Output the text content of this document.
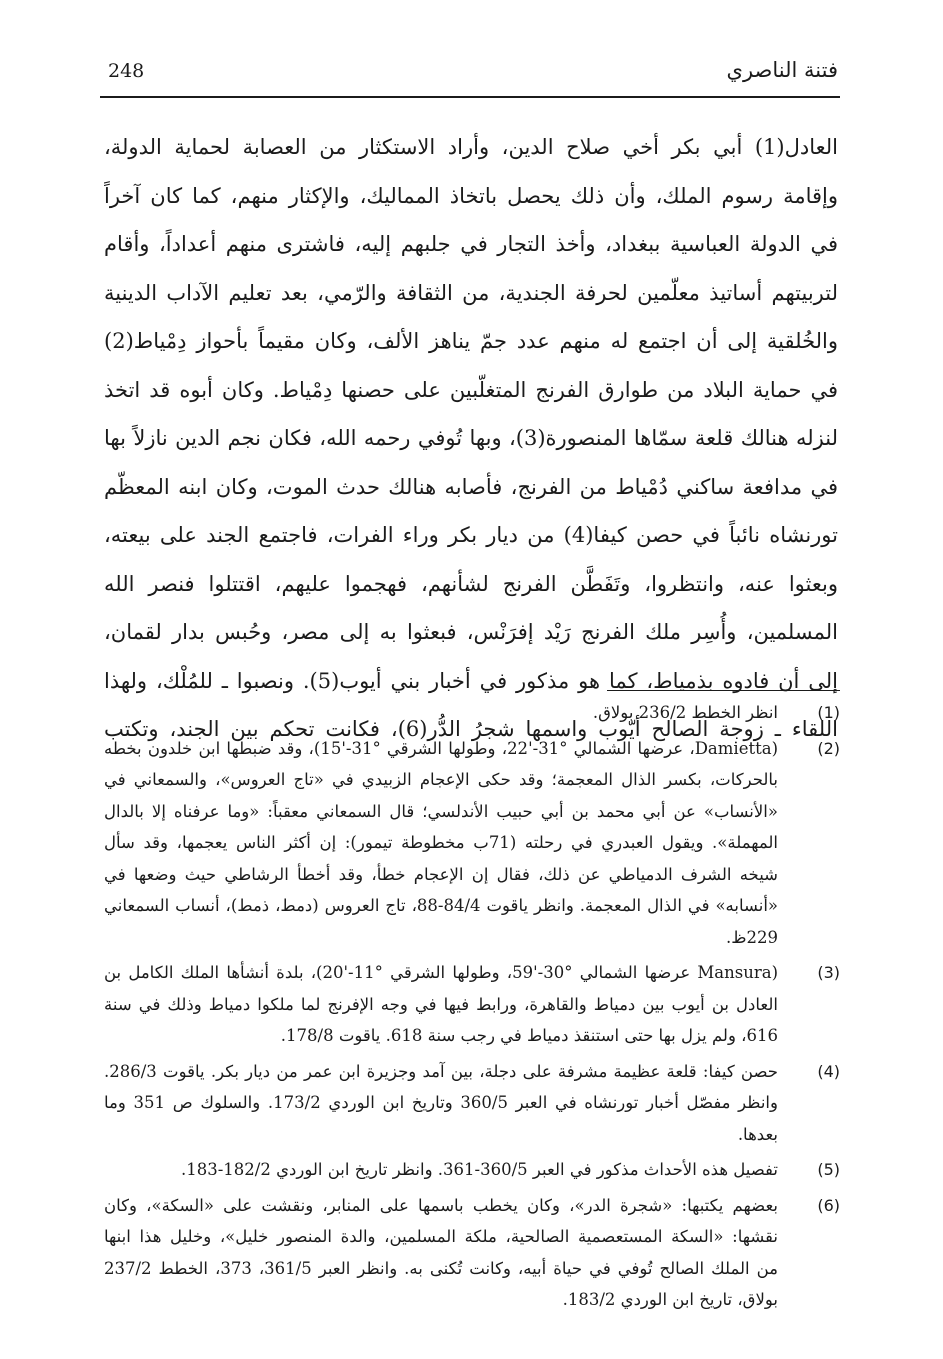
248	فتنة الناصري
العادل(1) أبي بكر أخي صلاح الدين، وأراد الاستكثار من العصابة لحماية الدولة،
وإقامة رسوم الملك، وأن ذلك يحصل باتخاذ المماليك، والإكثار منهم، كما كان آخراً
في الدولة العباسية ببغداد، وأخذ التجار في جلبهم إليه، فاشترى منهم أعداداً، وأقام
لتربيتهم أساتيذ معلّمين لحرفة الجندية، من الثقافة والرّمي، بعد تعليم الآداب الدينية
والخُلقية إلى أن اجتمع له منهم عدد جمّ يناهز الألف، وكان مقيماً بأحواز دِمْياط(2)
في حماية البلاد من طوارق الفرنج المتغلّبين على حصنها دِمْياط. وكان أبوه قد اتخذ
لنزله هنالك قلعة سمّاها المنصورة(3)، وبها تُوفي رحمه الله، فكان نجم الدين نازلاً بها
في مدافعة ساكني دُمْياط من الفرنج، فأصابه هنالك حدث الموت، وكان ابنه المعظّم
تورنشاه نائباً في حصن كيفا(4) من ديار بكر وراء الفرات، فاجتمع الجند على بيعته،
وبعثوا عنه، وانتظروا، وتَفَطَّن الفرنج لشأنهم، فهجموا عليهم، اقتتلوا فنصر الله
المسلمين، وأُسِر ملك الفرنج رَيْد إفرَنْس، فبعثوا به إلى مصر، وحُبس بدار لقمان،
إلى أن فادوه بذمياط، كما هو مذكور في أخبار بني أيوب(5). ونصبوا ـ للمُلْك، ولهذا
اللقاء ـ زوجة الصالح أيّوب واسمها شجرُ الدُّر(6)، فكانت تحكم بين الجند، وتكتب
(1)
انظر الخطط 236/2 بولاق.
(2)
(Damietta، عرضها الشمالي °31-'22، وطولها الشرقي °31-'15)، وقد ضبطها ابن خلدون بخطه
بالحركات، بكسر الذال المعجمة؛ وقد حكى الإعجام الزبيدي في «تاج العروس»، والسمعاني في
«الأنساب» عن أبي محمد بن أبي حبيب الأندلسي؛ قال السمعاني معقباً: «وما عرفناه إلا بالدال
المهملة». ويقول العبدري في رحلته (71ب مخطوطة تيمور): إن أكثر الناس يعجمها، وقد سأل
شيخه الشرف الدمياطي عن ذلك، فقال إن الإعجام خطأ، وقد أخطأ الرشاطي حيث وضعها في
«أنسابه» في الذال المعجمة. وانظر ياقوت 84/4-88، تاج العروس (دمط، ذمط)، أنساب السمعاني
229ظ.
(3)
(Mansura عرضها الشمالي °30-'59، وطولها الشرقي °11-'20)، بلدة أنشأها الملك الكامل بن
العادل بن أيوب بين دمياط والقاهرة، ورابط فيها في وجه الإفرنج لما ملكوا دمياط وذلك في سنة
616، ولم يزل بها حتى استنقذ دمياط في رجب سنة 618. ياقوت 178/8.
(4)
حصن كيفا: قلعة عظيمة مشرفة على دجلة، بين آمد وجزيرة ابن عمر من ديار بكر. ياقوت 286/3.
وانظر مفصّل أخبار تورنشاه في العبر 360/5 وتاريخ ابن الوردي 173/2. والسلوك ص 351 وما
بعدها.
(5)
تفصيل هذه الأحداث مذكور في العبر 360/5-361. وانظر تاريخ ابن الوردي 182/2-183.
(6)
بعضهم يكتبها: «شجرة الدر»، وكان يخطب باسمها على المنابر، ونقشت على «السكة»، وكان
نقشها: «السكة المستعصمية الصالحية، ملكة المسلمين، والدة المنصور خليل»، وخليل هذا ابنها
من الملك الصالح تُوفي في حياة أبيه، وكانت تُكنى به. وانظر العبر 361/5، 373، الخطط 237/2
بولاق، تاريخ ابن الوردي 183/2.
